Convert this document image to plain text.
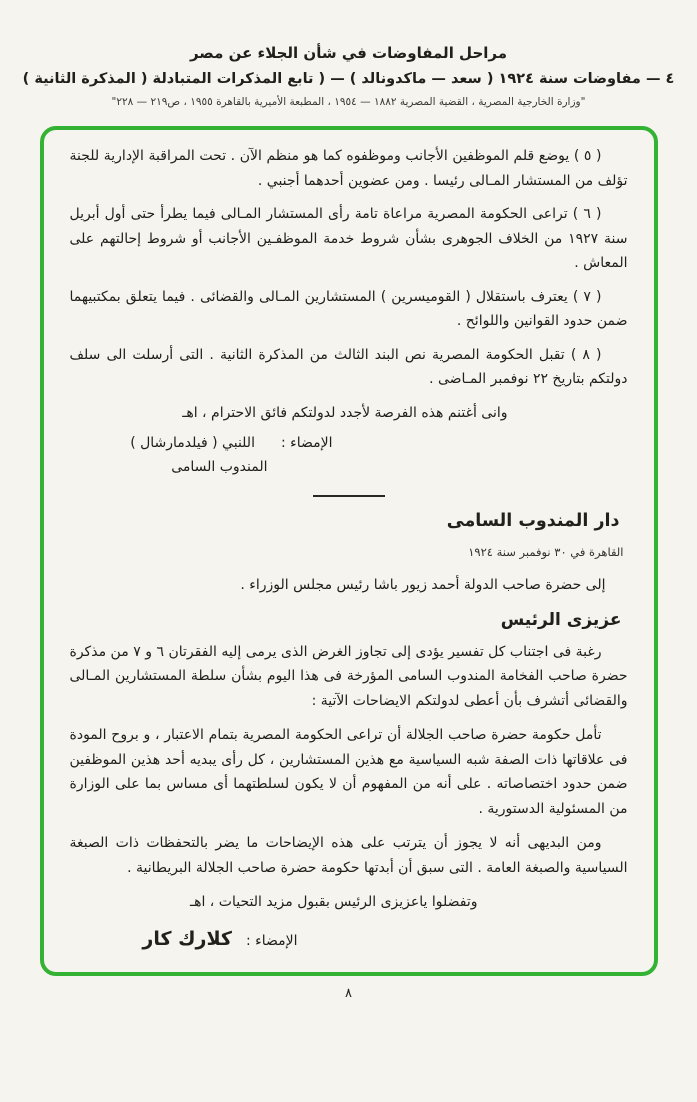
مراحل المفاوضات في شأن الجلاء عن مصر
٤ — مفاوضات سنة ١٩٢٤ ( سعد — ماكدونالد ) — ( تابع المذكرات المتبادلة ( المذكرة الثانية )
"وزارة الخارجية المصرية ، القضية المصرية ١٨٨٢ — ١٩٥٤ ، المطبعة الأميرية بالقاهرة ١٩٥٥ ، ص٢١٩ — ٢٢٨"

( ٥ ) يوضع قلم الموظفين الأجانب وموظفوه كما هو منظم الآن . تحت المراقبة الإدارية للجنة تؤلف من المستشار المـالى رئيسا . ومن عضوين أحدهما أجنبي .

( ٦ ) تراعى الحكومة المصرية مراعاة تامة رأى المستشار المـالى فيما يطرأ حتى أول أبريل سنة ١٩٢٧ من الخلاف الجوهرى بشأن شروط خدمة الموظفـين الأجانب أو شروط إحالتهم على المعاش .

( ٧ ) يعترف باستقلال ( القوميسرين ) المستشارين المـالى والقضائى . فيما يتعلق بمكتبيهما ضمن حدود القوانين واللوائح .

( ٨ ) تقبل الحكومة المصرية نص البند الثالث من المذكرة الثانية . التى أرسلت الى سلف دولتكم بتاريخ ٢٢ نوفمبر المـاضى .

وانى أغتنم هذه الفرصة لأجدد لدولتكم فائق الاحترام ، اهـ

الإمضاء :اللنبي ( فيلدمارشال )
المندوب السامى
دار المندوب السامى
القاهرة في ٣٠ نوفمبر سنة ١٩٢٤

إلى حضرة صاحب الدولة أحمد زيور باشا رئيس مجلس الوزراء .

عزيزى الرئيس

رغبة فى اجتناب كل تفسير يؤدى إلى تجاوز الغرض الذى يرمى إليه الفقرتان ٦ و ٧ من مذكرة حضرة صاحب الفخامة المندوب السامى المؤرخة فى هذا اليوم بشأن سلطة المستشارين المـالى والقضائى أتشرف بأن أعطى لدولتكم الايضاحات الآتية :

تأمل حكومة حضرة صاحب الجلالة أن تراعى الحكومة المصرية بتمام الاعتبار ، و بروح المودة فى علاقاتها ذات الصفة شبه السياسية مع هذين المستشارين ، كل رأى يبديه أحد هذين الموظفين ضمن حدود اختصاصاته . على أنه من المفهوم أن لا يكون لسلطتهما أى مساس بما على الوزارة من المسئولية الدستورية .

ومن البديهى أنه لا يجوز أن يترتب على هذه الإيضاحات ما يضر بالتحفظات ذات الصبغة السياسية والصبغة العامة . التى سبق أن أبدتها حكومة حضرة صاحب الجلالة البريطانية .

وتفضلوا ياعزيزى الرئيس بقبول مزيد التحيات ، اهـ

الإمضاء :كلارك كار
٨
